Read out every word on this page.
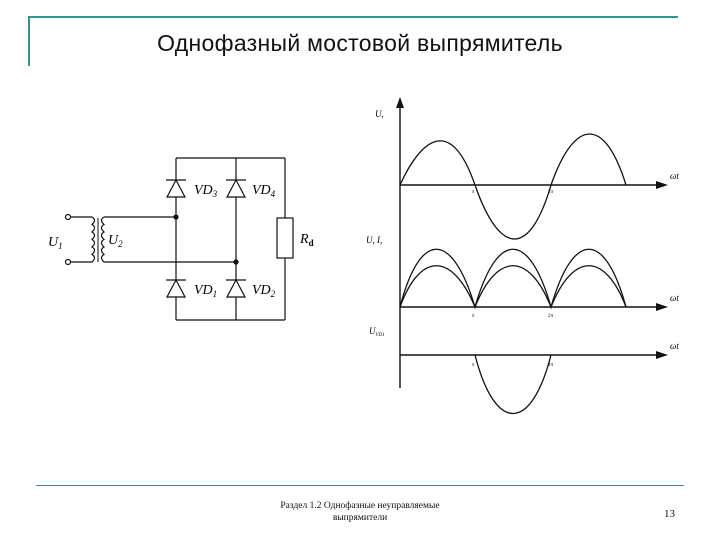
Однофазный мостовой выпрямитель
$U_1$	$U_2$
$VD_3$ $VD_4$
$VD_1$ $VD_2$
$R_d$
U,
U, I,
$U_{VD1}$
ωt
ωt
ωt
π	2π
π	2π
π	2π
Раздел 1.2 Однофазные неуправляемые
выпрямители	13
